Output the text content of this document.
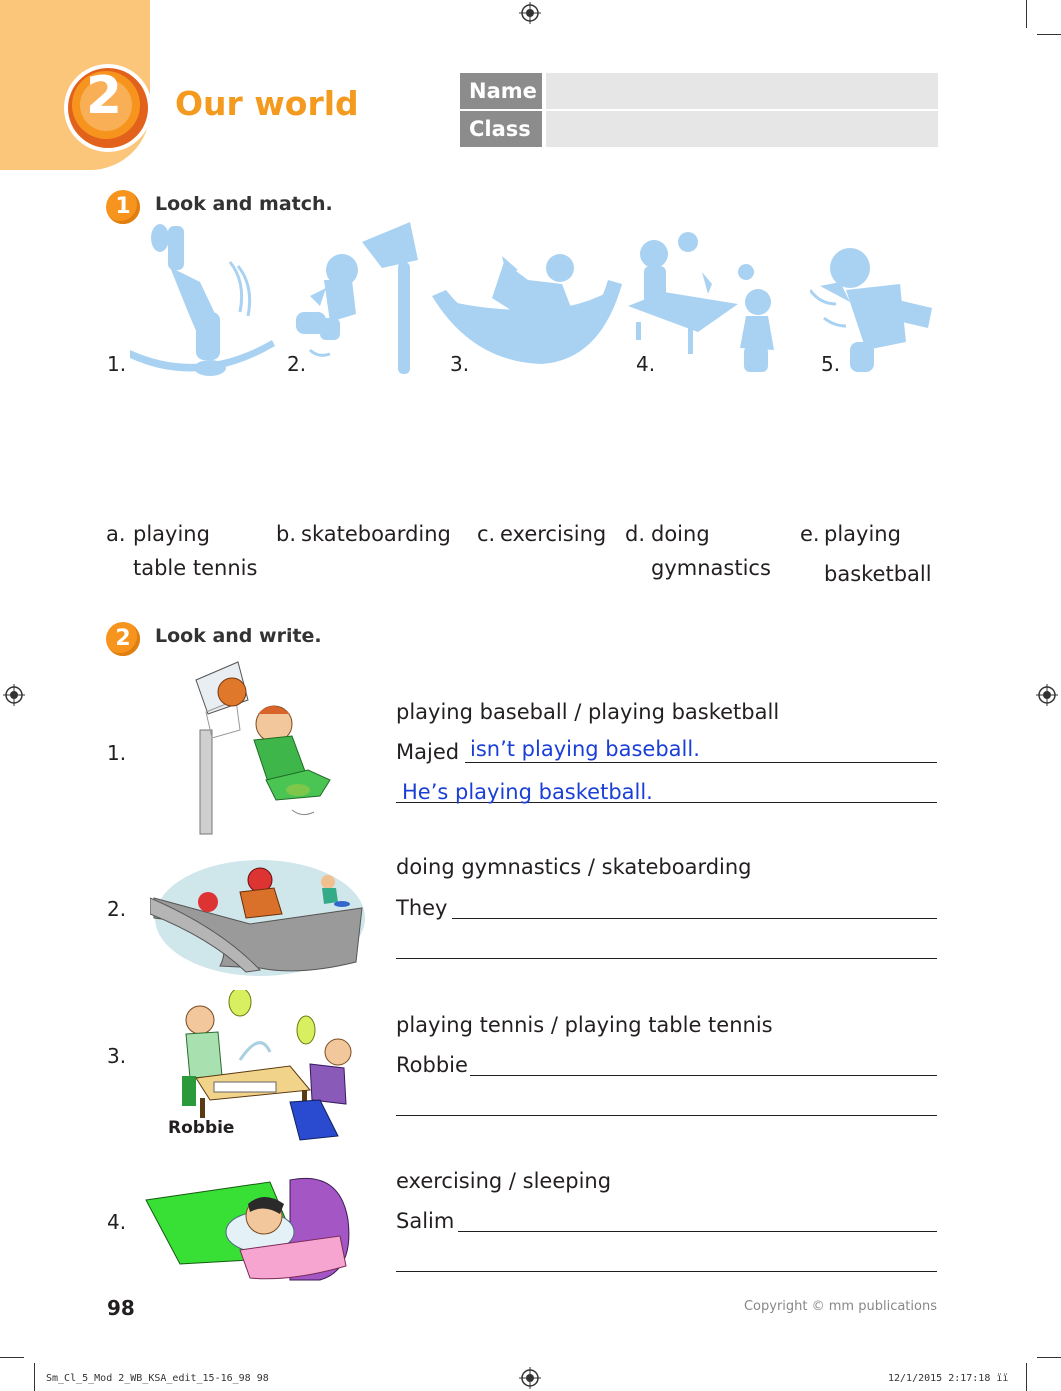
2	Our world	Name
Class
1	Look and match.
1.	2.	3.	4.	5.
a. playing
table tennis
b. skateboarding c. exercising d. doing
gymnastics
e. playing
basketball
2	Look and write.
1.
playing baseball / playing basketball
Majed isn’t playing baseball.
He’s playing basketball.
2.
doing gymnastics / skateboarding
They
3.
Robbie
playing tennis / playing table tennis
Robbie
4.
exercising / sleeping
Salim
98	Copyright © mm publications
Sm_Cl_5_Mod 2_WB_KSA_edit_15-16_98 98	12/1/2015 2:17:18 ïï
